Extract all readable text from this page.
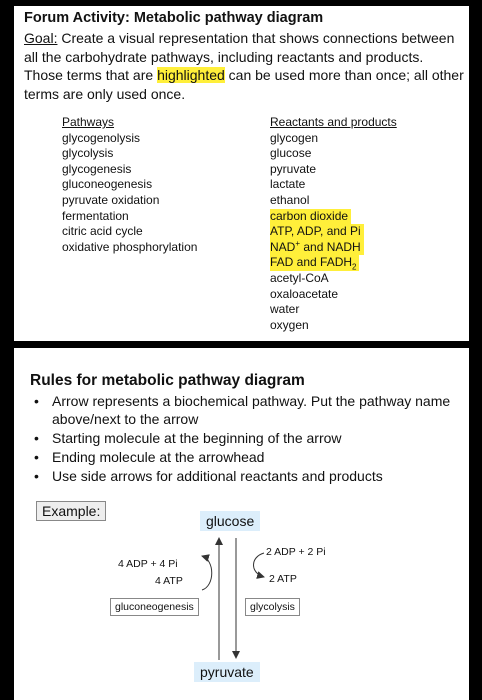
Forum Activity: Metabolic pathway diagram
Goal: Create a visual representation that shows connections between all the carbohydrate pathways, including reactants and products. Those terms that are highlighted can be used more than once; all other terms are only used once.
Pathways
glycogenolysis
glycolysis
glycogenesis
gluconeogenesis
pyruvate oxidation
fermentation
citric acid cycle
oxidative phosphorylation
Reactants and products
glycogen
glucose
pyruvate
lactate
ethanol
carbon dioxide
ATP, ADP, and Pi
NAD+ and NADH
FAD and $FADH_2$
acetyl-CoA
oxaloacetate
water
oxygen
Rules for metabolic pathway diagram
• Arrow represents a biochemical pathway. Put the pathway name above/next to the arrow
• Starting molecule at the beginning of the arrow
• Ending molecule at the arrowhead
• Use side arrows for additional reactants and products
Example:
glucose
pyruvate
gluconeogenesis	glycolysis
4 ADP + 4 Pi
4 ATP
2 ADP + 2 Pi
2 ATP
